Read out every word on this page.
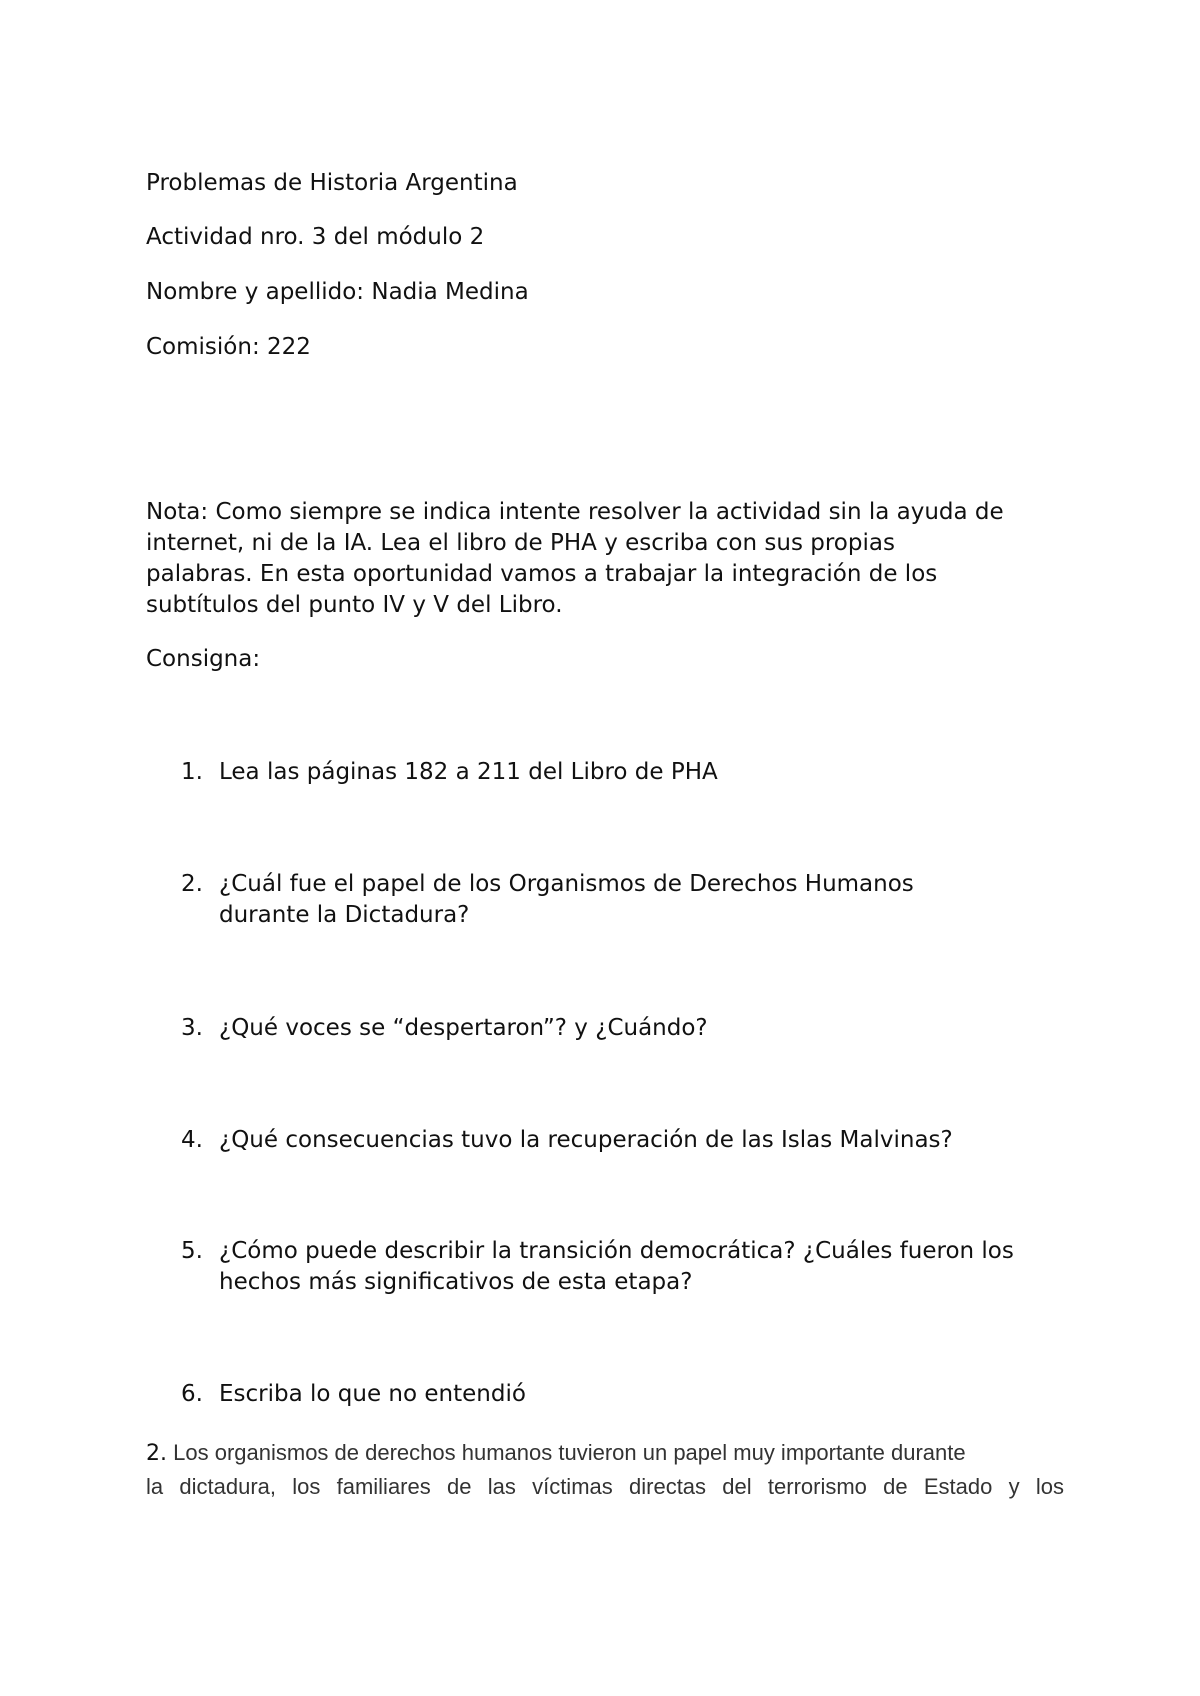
Problemas de Historia Argentina
Actividad nro. 3 del módulo 2
Nombre y apellido: Nadia Medina
Comisión: 222
Nota: Como siempre se indica intente resolver la actividad sin la ayuda de
internet, ni de la IA. Lea el libro de PHA y escriba con sus propias
palabras. En esta oportunidad vamos a trabajar la integración de los
subtítulos del punto IV y V del Libro.
Consigna:
1. Lea las páginas 182 a 211 del Libro de PHA
2. ¿Cuál fue el papel de los Organismos de Derechos Humanos
durante la Dictadura?
3. ¿Qué voces se “despertaron”? y ¿Cuándo?
4. ¿Qué consecuencias tuvo la recuperación de las Islas Malvinas?
5. ¿Cómo puede describir la transición democrática? ¿Cuáles fueron los
hechos más significativos de esta etapa?
6. Escriba lo que no entendió
2. Los organismos de derechos humanos tuvieron un papel muy importante durante
la dictadura, los familiares de las víctimas directas del terrorismo de Estado y los
